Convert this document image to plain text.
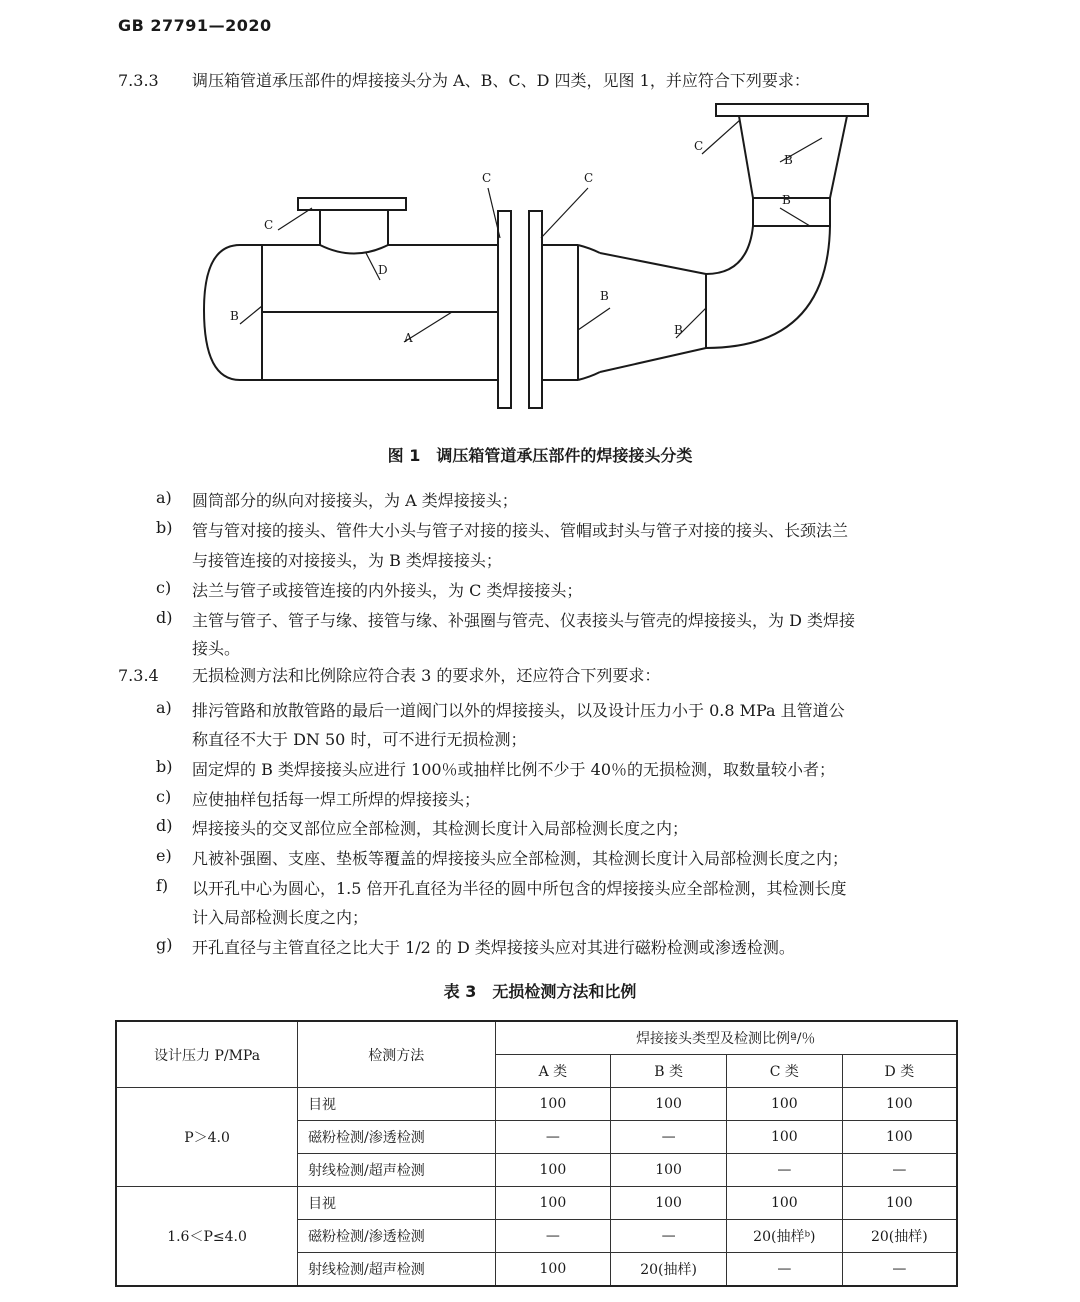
GB 27791—2020
7.3.3 调压箱管道承压部件的焊接接头分为 A、B、C、D 四类，见图 1，并应符合下列要求：
C
D
B
A
C	C
B
B
C
B
B
图 1　调压箱管道承压部件的焊接接头分类
a) 圆筒部分的纵向对接接头，为 A 类焊接接头；
b) 管与管对接的接头、管件大小头与管子对接的接头、管帽或封头与管子对接的接头、长颈法兰
与接管连接的对接接头，为 B 类焊接接头；
c) 法兰与管子或接管连接的内外接头，为 C 类焊接接头；
d) 主管与管子、管子与缘、接管与缘、补强圈与管壳、仪表接头与管壳的焊接接头，为 D 类焊接
接头。
7.3.4 无损检测方法和比例除应符合表 3 的要求外，还应符合下列要求：
a) 排污管路和放散管路的最后一道阀门以外的焊接接头，以及设计压力小于 0.8 MPa 且管道公
称直径不大于 DN 50 时，可不进行无损检测；
b) 固定焊的 B 类焊接接头应进行 100％或抽样比例不少于 40％的无损检测，取数量较小者；
c) 应使抽样包括每一焊工所焊的焊接接头；
d) 焊接接头的交叉部位应全部检测，其检测长度计入局部检测长度之内；
e) 凡被补强圈、支座、垫板等覆盖的焊接接头应全部检测，其检测长度计入局部检测长度之内；
f) 以开孔中心为圆心，1.5 倍开孔直径为半径的圆中所包含的焊接接头应全部检测，其检测长度
计入局部检测长度之内；
g) 开孔直径与主管直径之比大于 1/2 的 D 类焊接接头应对其进行磁粉检测或渗透检测。
表 3　无损检测方法和比例
设计压力 P/MPa	检测方法	焊接接头类型及检测比例ª/％			
		A 类	B 类	C 类	D 类
P＞4.0	目视	100	100	100	100
	磁粉检测/渗透检测	—	—	100	100
	射线检测/超声检测	100	100	—	—
1.6＜P≤4.0	目视	100	100	100	100
	磁粉检测/渗透检测	—	—	20(抽样ᵇ)	20(抽样)
	射线检测/超声检测	100	20(抽样)	—	—
